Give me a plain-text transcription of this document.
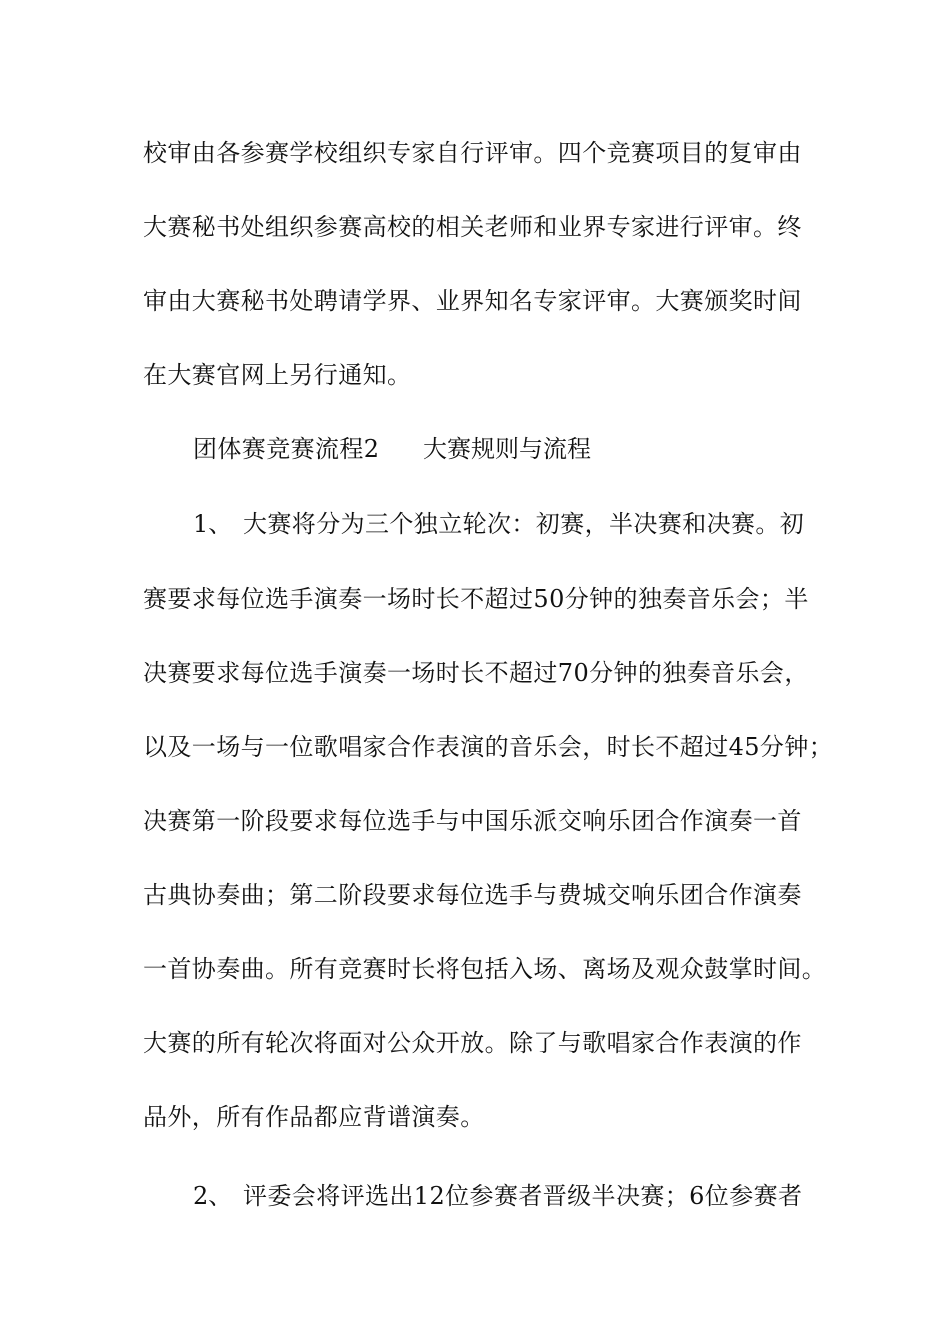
校审由各参赛学校组织专家自行评审。四个竞赛项目的复审由
大赛秘书处组织参赛高校的相关老师和业界专家进行评审。终
审由大赛秘书处聘请学界、业界知名专家评审。大赛颁奖时间
在大赛官网上另行通知。
团体赛竞赛流程2	大赛规则与流程
1、 大赛将分为三个独立轮次：初赛，半决赛和决赛。初
赛要求每位选手演奏一场时长不超过50分钟的独奏音乐会；半
决赛要求每位选手演奏一场时长不超过70分钟的独奏音乐会，
以及一场与一位歌唱家合作表演的音乐会，时长不超过45分钟；
决赛第一阶段要求每位选手与中国乐派交响乐团合作演奏一首
古典协奏曲；第二阶段要求每位选手与费城交响乐团合作演奏
一首协奏曲。所有竞赛时长将包括入场、离场及观众鼓掌时间。
大赛的所有轮次将面对公众开放。除了与歌唱家合作表演的作
品外，所有作品都应背谱演奏。
2、 评委会将评选出12位参赛者晋级半决赛；6位参赛者
